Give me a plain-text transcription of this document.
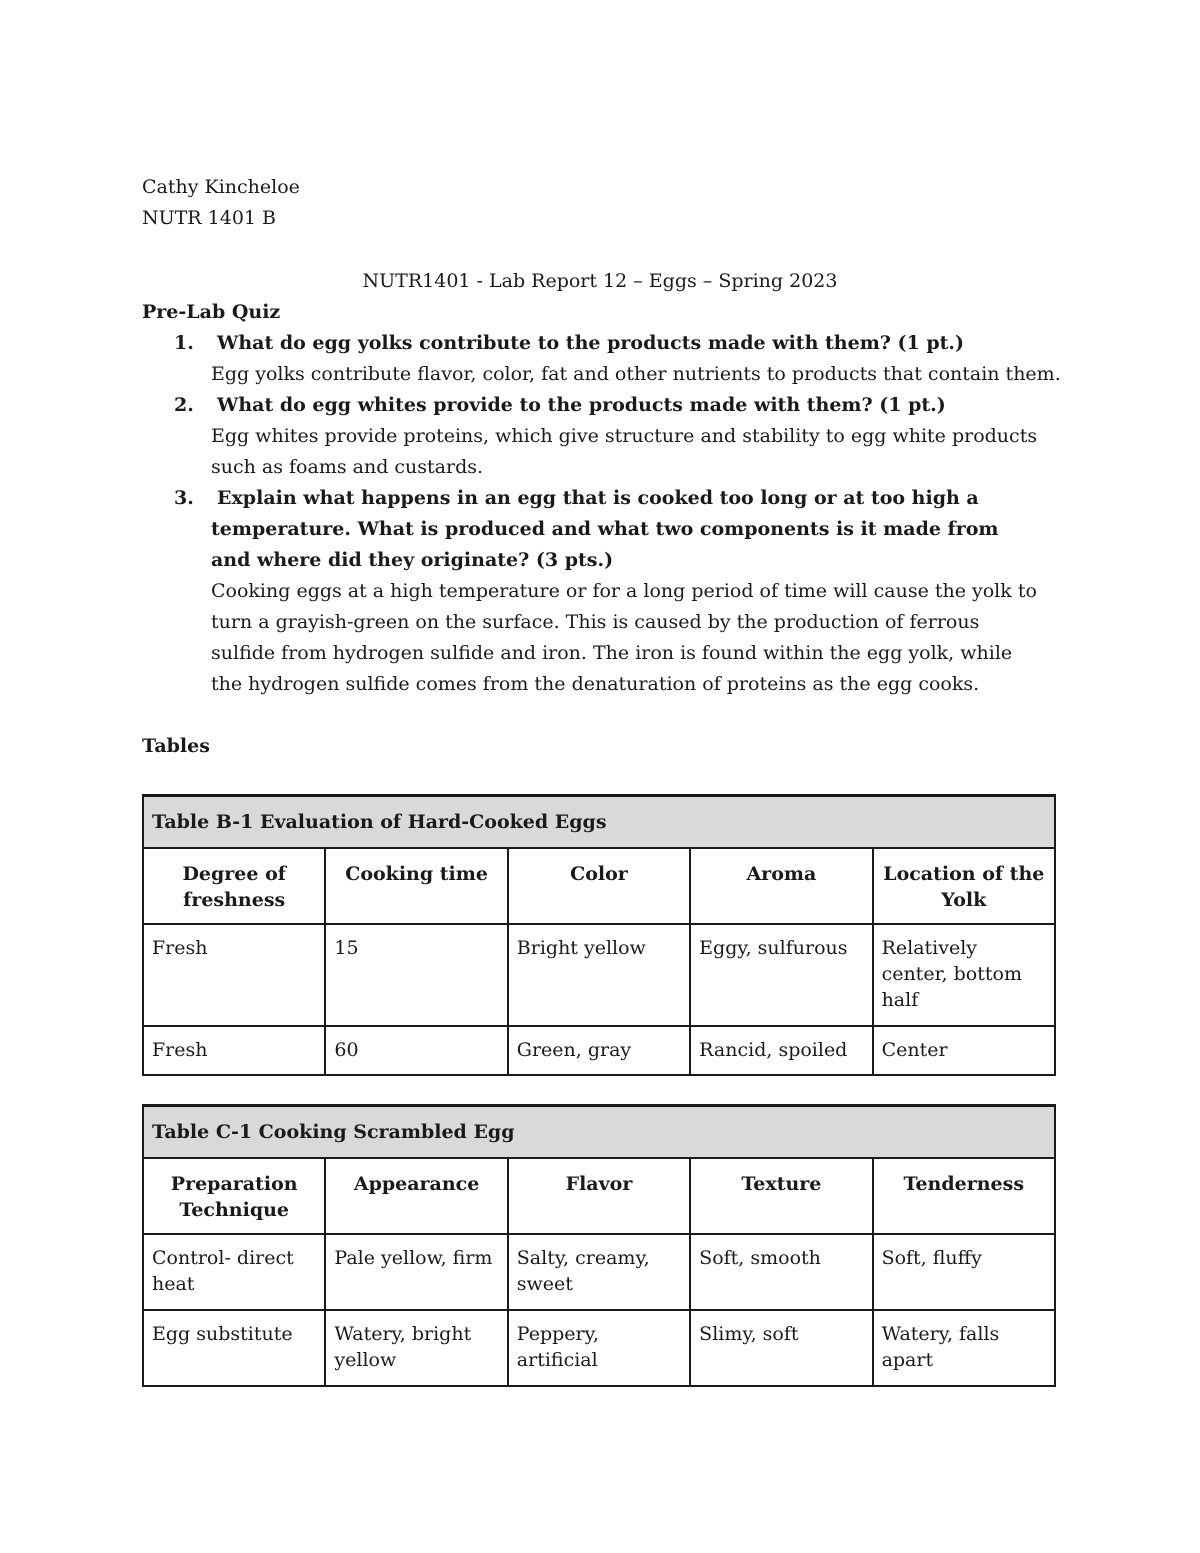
Cathy Kincheloe
NUTR 1401 B
NUTR1401 - Lab Report 12 – Eggs – Spring 2023
Pre-Lab Quiz
1.	What do egg yolks contribute to the products made with them? (1 pt.)
Egg yolks contribute flavor, color, fat and other nutrients to products that contain them.
2.	What do egg whites provide to the products made with them? (1 pt.)
Egg whites provide proteins, which give structure and stability to egg white products such as foams and custards.
3.	Explain what happens in an egg that is cooked too long or at too high a temperature. What is produced and what two components is it made from and where did they originate? (3 pts.)
Cooking eggs at a high temperature or for a long period of time will cause the yolk to turn a grayish-green on the surface. This is caused by the production of ferrous sulfide from hydrogen sulfide and iron. The iron is found within the egg yolk, while the hydrogen sulfide comes from the denaturation of proteins as the egg cooks.
Tables
Table B-1 Evaluation of Hard-Cooked Eggs				
Degree of freshness	Cooking time	Color	Aroma	Location of the Yolk
Fresh	15	Bright yellow	Eggy, sulfurous	Relatively center, bottom half
Fresh	60	Green, gray	Rancid, spoiled	Center
Table C-1 Cooking Scrambled Egg				
Preparation Technique	Appearance	Flavor	Texture	Tenderness
Control- direct heat	Pale yellow, firm	Salty, creamy, sweet	Soft, smooth	Soft, fluffy
Egg substitute	Watery, bright yellow	Peppery, artificial	Slimy, soft	Watery, falls apart
